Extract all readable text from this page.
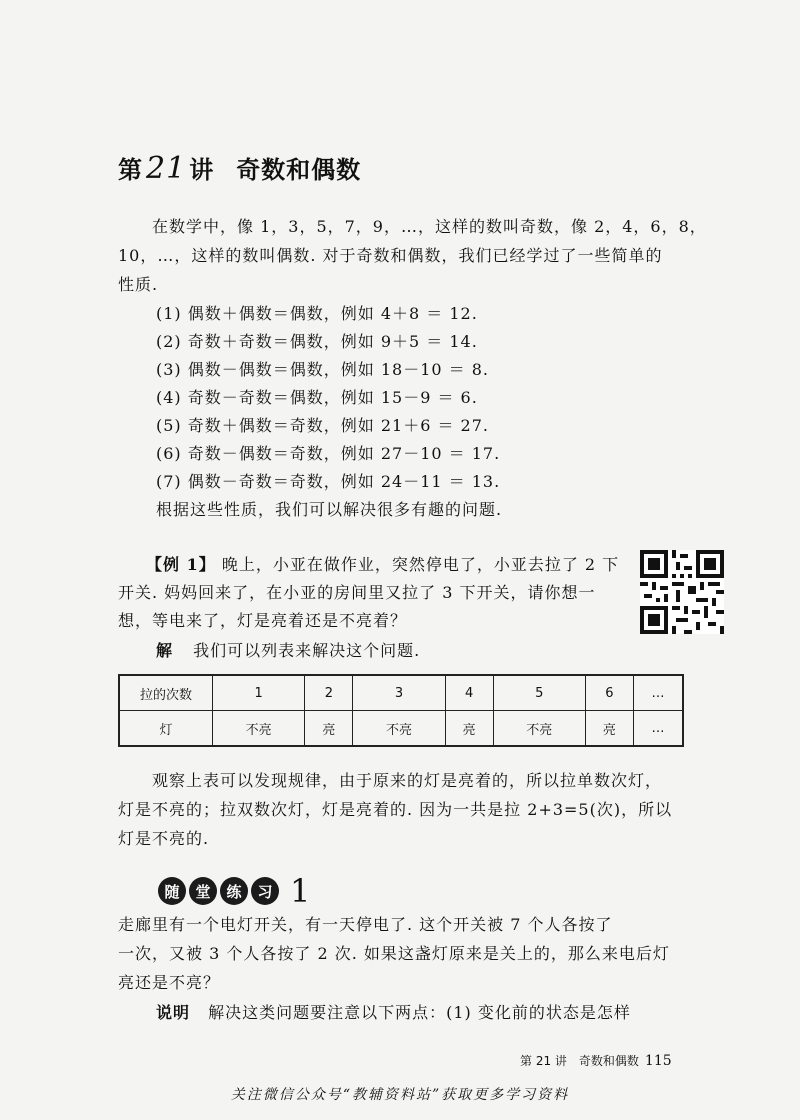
第 21 讲 奇数和偶数
在数学中，像 1，3，5，7，9，…，这样的数叫奇数，像 2，4，6，8，
10，…，这样的数叫偶数. 对于奇数和偶数，我们已经学过了一些简单的
性质.
(1) 偶数＋偶数＝偶数，例如 4＋8 ＝ 12.
(2) 奇数＋奇数＝偶数，例如 9＋5 ＝ 14.
(3) 偶数－偶数＝偶数，例如 18－10 ＝ 8.
(4) 奇数－奇数＝偶数，例如 15－9 ＝ 6.
(5) 奇数＋偶数＝奇数，例如 21＋6 ＝ 27.
(6) 奇数－偶数＝奇数，例如 27－10 ＝ 17.
(7) 偶数－奇数＝奇数，例如 24－11 ＝ 13.
根据这些性质，我们可以解决很多有趣的问题.
【例 1】 晚上，小亚在做作业，突然停电了，小亚去拉了 2 下
开关. 妈妈回来了，在小亚的房间里又拉了 3 下开关，请你想一
想，等电来了，灯是亮着还是不亮着？
解 我们可以列表来解决这个问题.
拉的次数	1	2	3	4	5	6	…
灯	不亮	亮	不亮	亮	不亮	亮	…
观察上表可以发现规律，由于原来的灯是亮着的，所以拉单数次灯，
灯是不亮的；拉双数次灯，灯是亮着的. 因为一共是拉 2+3=5(次)，所以
灯是不亮的.
随	堂	练	习 1
走廊里有一个电灯开关，有一天停电了. 这个开关被 7 个人各按了
一次，又被 3 个人各按了 2 次. 如果这盏灯原来是关上的，那么来电后灯
亮还是不亮？
说明 解决这类问题要注意以下两点：(1) 变化前的状态是怎样
第 21 讲　奇数和偶数 115
关注微信公众号“教辅资料站”获取更多学习资料
